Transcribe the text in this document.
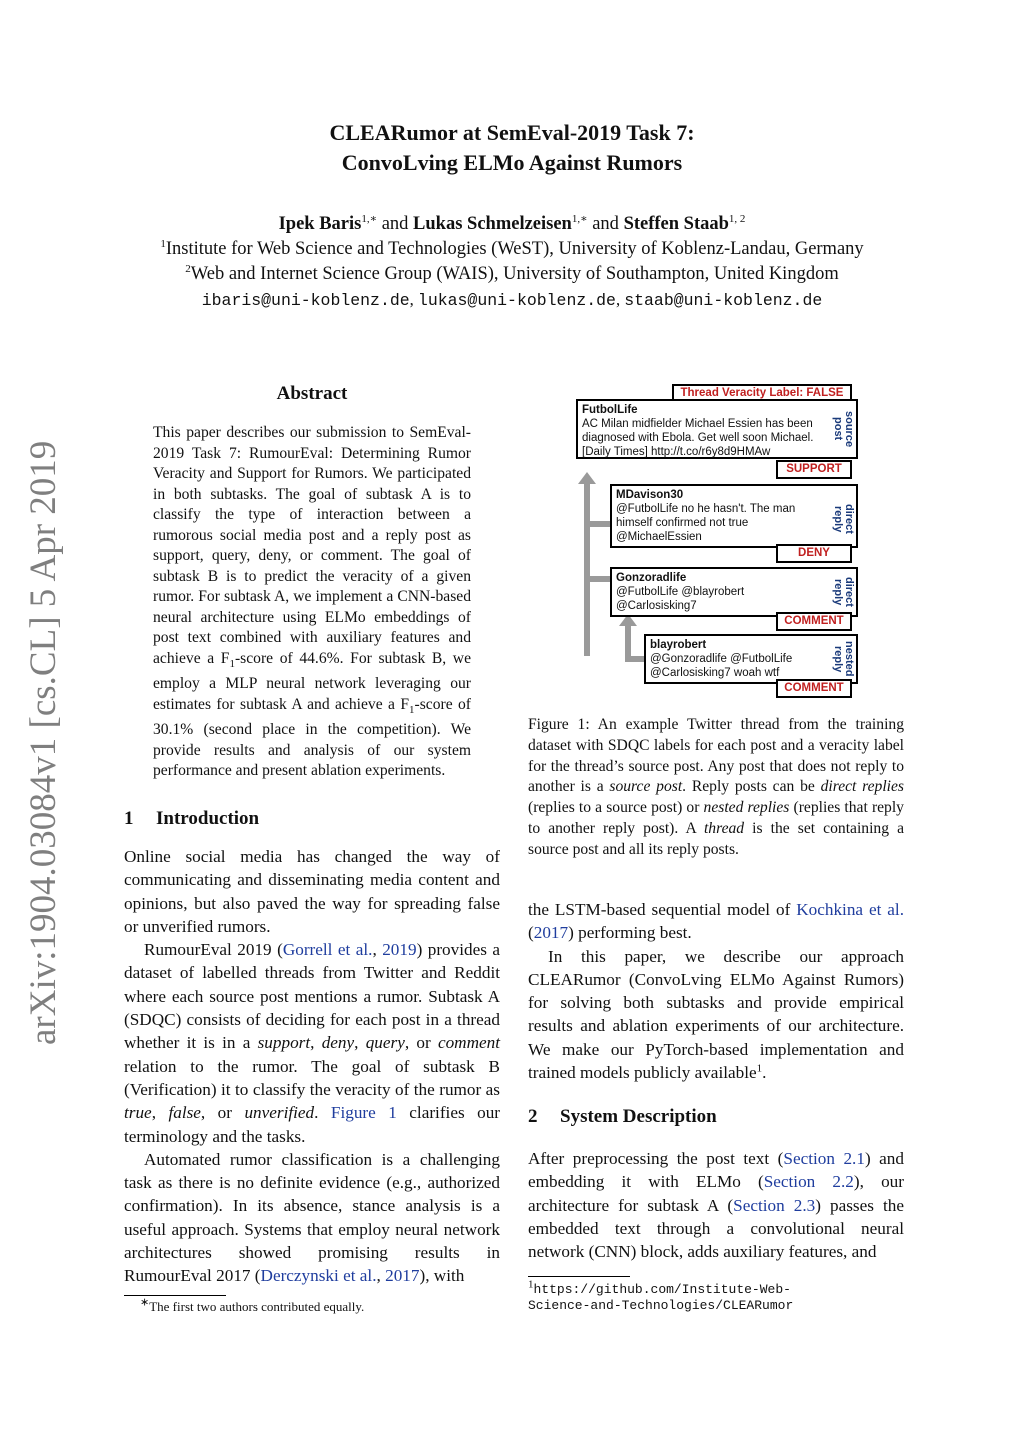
CLEARumor at SemEval-2019 Task 7:
ConvoLving ELMo Against Rumors
Ipek Baris$^{1,∗}$ and Lukas Schmelzeisen$^{1,∗}$ and Steffen Staab$^{1, 2}$
$^1$Institute for Web Science and Technologies (WeST), University of Koblenz-Landau, Germany
$^2$Web and Internet Science Group (WAIS), University of Southampton, United Kingdom
ibaris@uni-koblenz.de, lukas@uni-koblenz.de, staab@uni-koblenz.de
arXiv:1904.03084v1 [cs.CL] 5 Apr 2019
Abstract
This paper describes our submission to SemEval-2019 Task 7: RumourEval: Determining Rumor Veracity and Support for Rumors. We participated in both subtasks. The goal of subtask A is to classify the type of interaction between a rumorous social media post and a reply post as support, query, deny, or comment. The goal of subtask B is to predict the veracity of a given rumor. For subtask A, we implement a CNN-based neural architecture using ELMo embeddings of post text combined with auxiliary features and achieve a $F_1$-score of 44.6%. For subtask B, we employ a MLP neural network leveraging our estimates for subtask A and achieve a $F_1$-score of 30.1% (second place in the competition). We provide results and analysis of our system performance and present ablation experiments.
1 Introduction

Online social media has changed the way of communicating and disseminating media content and opinions, but also paved the way for spreading false or unverified rumors.

RumourEval 2019 (Gorrell et al., 2019) provides a dataset of labelled threads from Twitter and Reddit where each source post mentions a rumor. Subtask A (SDQC) consists of deciding for each post in a thread whether it is in a support, deny, query, or comment relation to the rumor. The goal of subtask B (Verification) it to classify the veracity of the rumor as true, false, or unverified. Figure 1 clarifies our terminology and the tasks.

Automated rumor classification is a challenging task as there is no definite evidence (e.g., authorized confirmation). In its absence, stance analysis is a useful approach. Systems that employ neural network architectures showed promising results in RumourEval 2017 (Derczynski et al., 2017), with

∗The first two authors contributed equally.
Thread Veracity Label: FALSE
FutbolLife
AC Milan midfielder Michael Essien has been
diagnosed with Ebola. Get well soon Michael.
[Daily Times] http://t.co/r6y8d9HMAw
source
post
SUPPORT
MDavison30
@FutbolLife no he hasn't. The man
himself confirmed not true
@MichaelEssien
direct
reply
DENY
Gonzoradlife
@FutbolLife @blayrobert
@Carlosisking7	direct
reply
COMMENT
blayrobert
@Gonzoradlife @FutbolLife
@Carlosisking7 woah wtf	nested
reply
COMMENT
Figure 1: An example Twitter thread from the training dataset with SDQC labels for each post and a veracity label for the thread’s source post. Any post that does not reply to another is a source post. Reply posts can be direct replies (replies to a source post) or nested replies (replies that reply to another reply post). A thread is the set containing a source post and all its reply posts.

the LSTM-based sequential model of Kochkina et al. (2017) performing best.

In this paper, we describe our approach CLEARumor (ConvoLving ELMo Against Rumors) for solving both subtasks and provide empirical results and ablation experiments of our architecture. We make our PyTorch-based implementation and trained models publicly available$^1$.

2 System Description

After preprocessing the post text (Section 2.1) and embedding it with ELMo (Section 2.2), our architecture for subtask A (Section 2.3) passes the embedded text through a convolutional neural network (CNN) block, adds auxiliary features, and

$^1$https://github.com/Institute-Web-
Science-and-Technologies/CLEARumor
